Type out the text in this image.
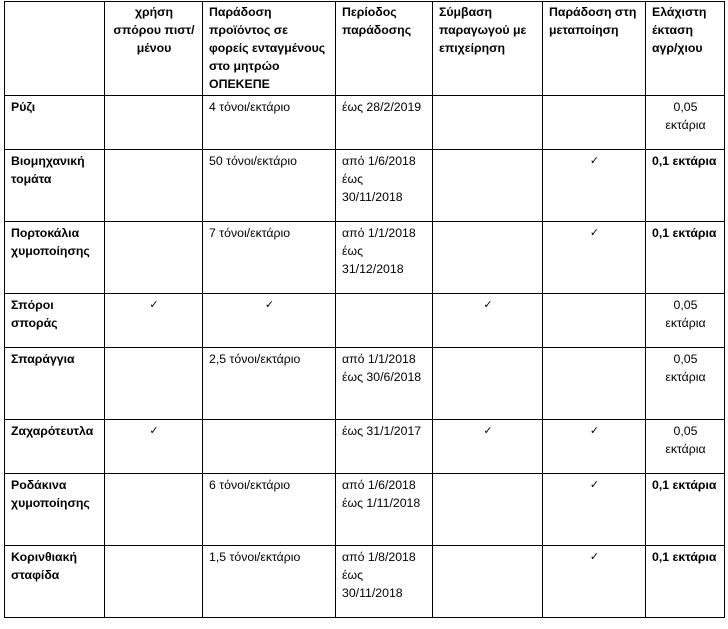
	χρήση σπόρου πιστ/μένου	Παράδοση προϊόντος σε φορείς ενταγμένους στο μητρώο ΟΠΕΚΕΠΕ	Περίοδος παράδοσης	Σύμβαση παραγωγού με επιχείρηση	Παράδοση στη μεταποίηση	Ελάχιστη έκταση αγρ/χιου
Ρύζι		4 τόνοι/εκτάριο	έως 28/2/2019			0,05 εκτάρια
Βιομηχανική τομάτα		50 τόνοι/εκτάριο	από 1/6/2018 έως 30/11/2018		✓	0,1 εκτάρια
Πορτοκάλια χυμοποίησης		7 τόνοι/εκτάριο	από 1/1/2018 έως 31/12/2018		✓	0,1 εκτάρια
Σπόροι σποράς	✓	✓		✓		0,05 εκτάρια
Σπαράγγια		2,5 τόνοι/εκτάριο	από 1/1/2018 έως 30/6/2018			0,05 εκτάρια
Ζαχαρότευτλα	✓		έως 31/1/2017	✓	✓	0,05 εκτάρια
Ροδάκινα χυμοποίησης		6 τόνοι/εκτάριο	από 1/6/2018 έως 1/11/2018		✓	0,1 εκτάρια
Κορινθιακή σταφίδα		1,5 τόνοι/εκτάριο	από 1/8/2018 έως 30/11/2018		✓	0,1 εκτάρια
